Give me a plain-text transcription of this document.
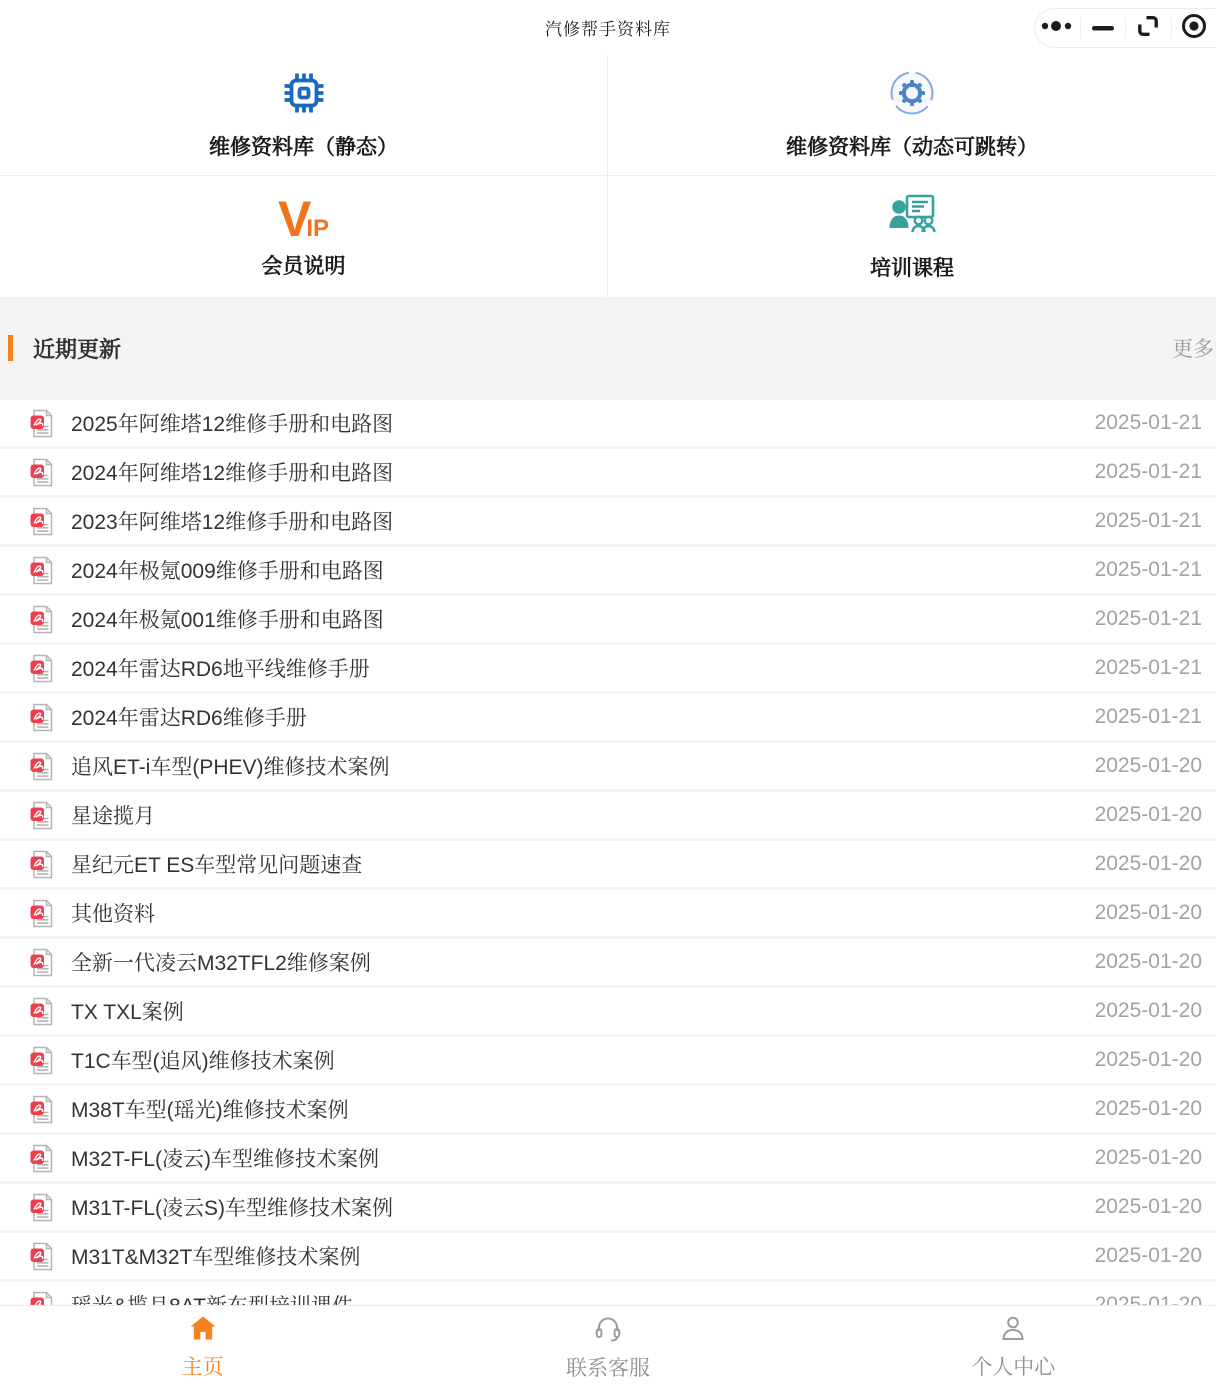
汽修帮手资料库
维修资料库（静态）	维修资料库（动态可跳转）
V
IP
会员说明	培训课程
近期更新	更多
2025年阿维塔12维修手册和电路图	2025-01-21
2024年阿维塔12维修手册和电路图	2025-01-21
2023年阿维塔12维修手册和电路图	2025-01-21
2024年极氪009维修手册和电路图	2025-01-21
2024年极氪001维修手册和电路图	2025-01-21
2024年雷达RD6地平线维修手册	2025-01-21
2024年雷达RD6维修手册	2025-01-21
追风ET-i车型(PHEV)维修技术案例	2025-01-20
星途揽月	2025-01-20
星纪元ET ES车型常见问题速查	2025-01-20
其他资料	2025-01-20
全新一代凌云M32TFL2维修案例	2025-01-20
TX TXL案例	2025-01-20
T1C车型(追风)维修技术案例	2025-01-20
M38T车型(瑶光)维修技术案例	2025-01-20
M32T-FL(凌云)车型维修技术案例	2025-01-20
M31T-FL(凌云S)车型维修技术案例	2025-01-20
M31T&M32T车型维修技术案例	2025-01-20
主页	联系客服	个人中心
